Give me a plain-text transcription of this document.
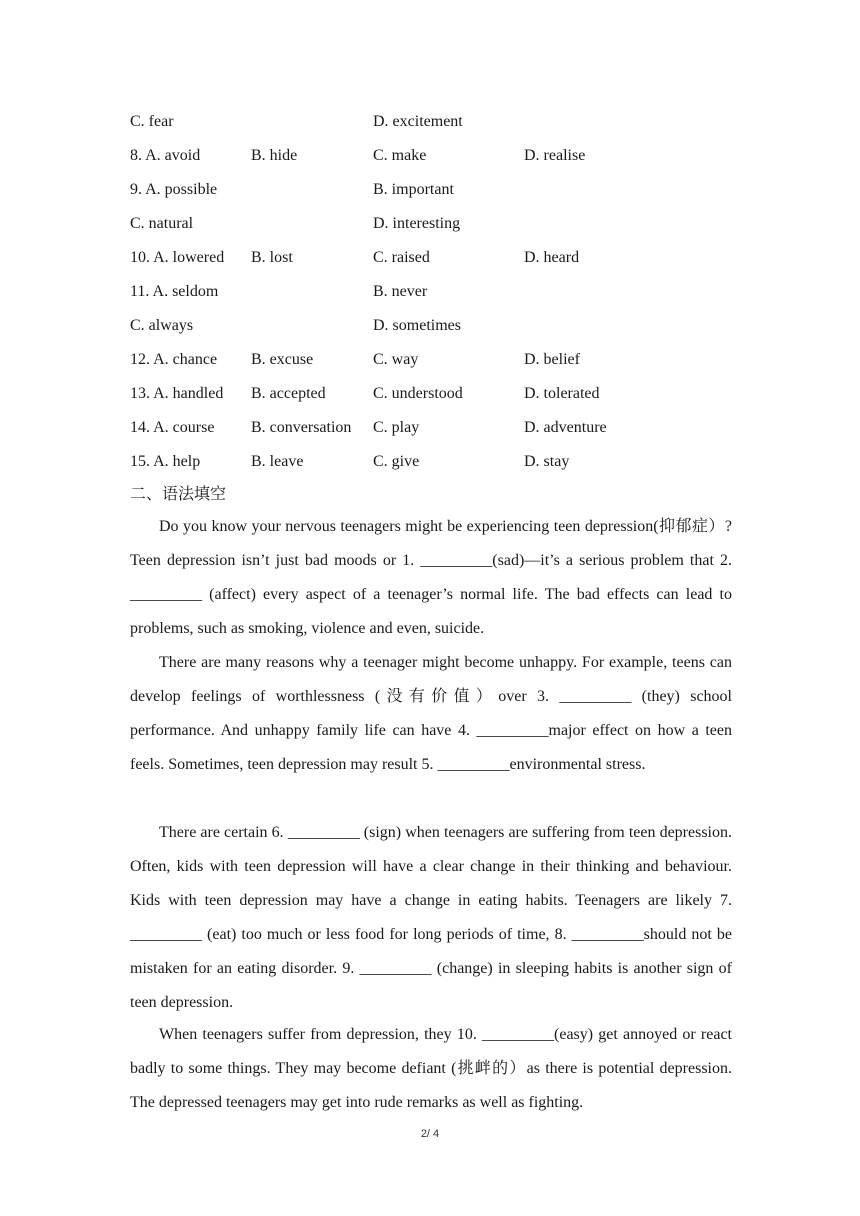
C. fear	D. excitement
8. A. avoid	B. hide	C. make	D. realise
9. A. possible	B. important
C. natural	D. interesting
10. A. lowered B. lost	C. raised	D. heard
11. A. seldom	B. never
C. always	D. sometimes
12. A. chance B. excuse	C. way	D. belief
13. A. handled B. accepted	C. understood	D. tolerated
14. A. course B. conversation C. play	D. adventure
15. A. help	B. leave	C. give	D. stay
二、语法填空

Do you know your nervous teenagers might be experiencing teen depression(抑郁症）? Teen depression isn’t just bad moods or 1. _________(sad)—it’s a serious problem that 2. _________ (affect) every aspect of a teenager’s normal life. The bad effects can lead to problems, such as smoking, violence and even, suicide.

There are many reasons why a teenager might become unhappy. For example, teens can develop feelings of worthlessness (没有价值）over 3. _________ (they) school performance. And unhappy family life can have 4. _________major effect on how a teen feels. Sometimes, teen depression may result 5. _________environmental stress.

There are certain 6. _________ (sign) when teenagers are suffering from teen depression. Often, kids with teen depression will have a clear change in their thinking and behaviour. Kids with teen depression may have a change in eating habits. Teenagers are likely 7. _________ (eat) too much or less food for long periods of time, 8. _________should not be mistaken for an eating disorder. 9. _________ (change) in sleeping habits is another sign of teen depression.

When teenagers suffer from depression, they 10. _________(easy) get annoyed or react badly to some things. They may become defiant (挑衅的）as there is potential depression. The depressed teenagers may get into rude remarks as well as fighting.

2/ 4
